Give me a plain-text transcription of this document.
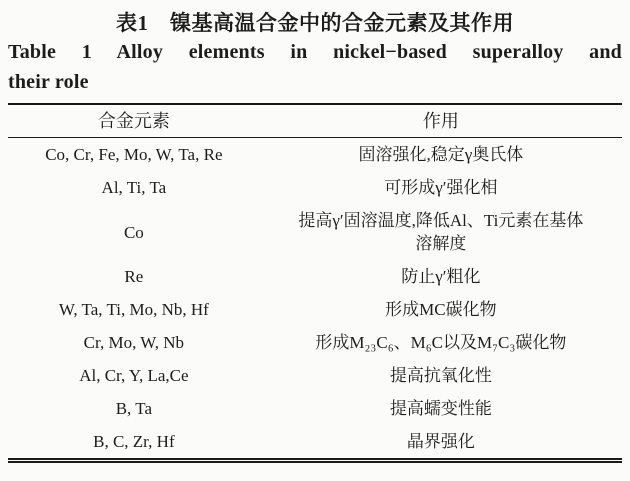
表1　镍基高温合金中的合金元素及其作用
Table 1 Alloy elements in nickel−based superalloy and
their role
合金元素	作用
Co, Cr, Fe, Mo, W, Ta, Re	固溶强化,稳定γ奥氏体
Al, Ti, Ta	可形成γ′强化相
Co	提高γ′固溶温度,降低Al、Ti元素在基体
溶解度
Re	防止γ′粗化
W, Ta, Ti, Mo, Nb, Hf	形成MC碳化物
Cr, Mo, W, Nb	形成M₂₃C₆、M₆C以及M₇C₃碳化物
Al, Cr, Y, La,Ce	提高抗氧化性
B, Ta	提高蠕变性能
B, C, Zr, Hf	晶界强化
